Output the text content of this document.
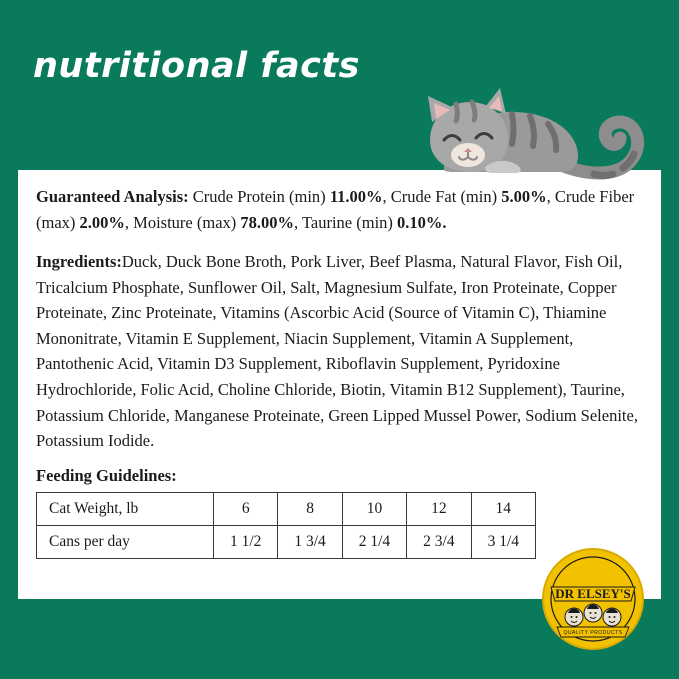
nutritional facts

Guaranteed Analysis: Crude Protein (min) 11.00%, Crude Fat (min) 5.00%, Crude Fiber (max) 2.00%, Moisture (max) 78.00%, Taurine (min) 0.10%.

Ingredients:Duck, Duck Bone Broth, Pork Liver, Beef Plasma, Natural Flavor, Fish Oil, Tricalcium Phosphate, Sunflower Oil, Salt, Magnesium Sulfate, Iron Proteinate, Copper Proteinate, Zinc Proteinate, Vitamins (Ascorbic Acid (Source of Vitamin C), Thiamine Mononitrate, Vitamin E Supplement, Niacin Supplement, Vitamin A Supplement, Pantothenic Acid, Vitamin D3 Supplement, Riboflavin Supplement, Pyridoxine Hydrochloride, Folic Acid, Choline Chloride, Biotin, Vitamin B12 Supplement), Taurine, Potassium Chloride, Manganese Proteinate, Green Lipped Mussel Power, Sodium Selenite, Potassium Iodide.

Feeding Guidelines:
Cat Weight, lb	6	8	10	12	14
Cans per day	1 1/2	1 3/4	2 1/4	2 3/4	3 1/4
DR ELSEY'S
QUALITY PRODUCTS
